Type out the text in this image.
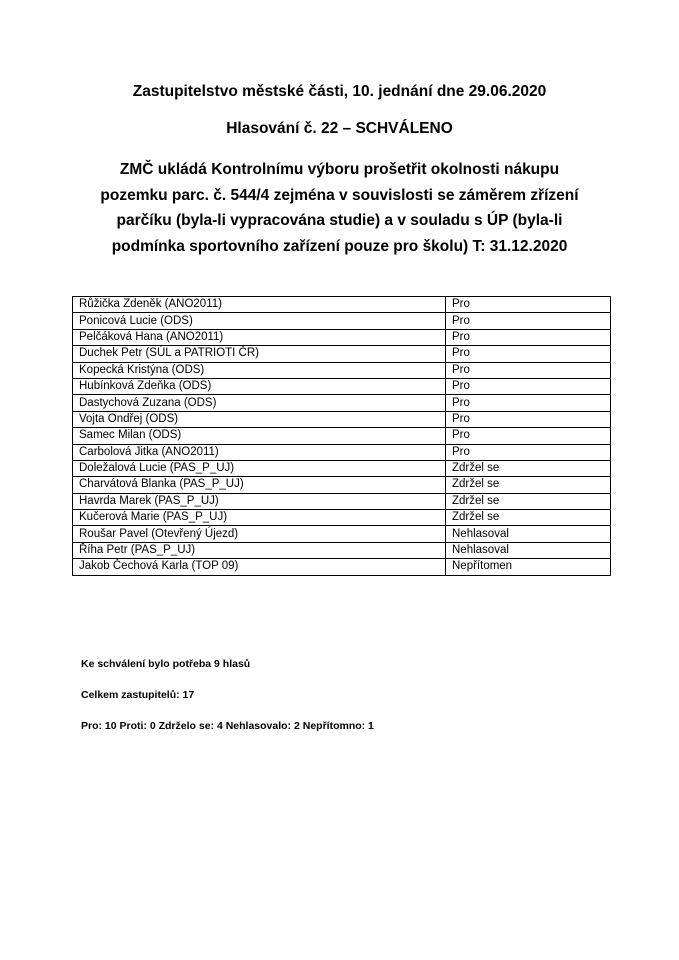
Zastupitelstvo městské části, 10. jednání dne 29.06.2020
Hlasování č. 22 – SCHVÁLENO
ZMČ ukládá Kontrolnímu výboru prošetřit okolnosti nákupu
pozemku parc. č. 544/4 zejména v souvislosti se záměrem zřízení
parčíku (byla-li vypracována studie) a v souladu s ÚP (byla-li
podmínka sportovního zařízení pouze pro školu) T: 31.12.2020
Růžička Zdeněk (ANO2011)	Pro
Ponicová Lucie (ODS)	Pro
Pelčáková Hana (ANO2011)	Pro
Duchek Petr (SÚL a PATRIOTI ČR)	Pro
Kopecká Kristýna (ODS)	Pro
Hubínková Zdeňka (ODS)	Pro
Dastychová Zuzana (ODS)	Pro
Vojta Ondřej (ODS)	Pro
Samec Milan (ODS)	Pro
Carbolová Jitka (ANO2011)	Pro
Doležalová Lucie (PAS_P_UJ)	Zdržel se
Charvátová Blanka (PAS_P_UJ)	Zdržel se
Havrda Marek (PAS_P_UJ)	Zdržel se
Kučerová Marie (PAS_P_UJ)	Zdržel se
Roušar Pavel (Otevřený Újezd)	Nehlasoval
Říha Petr (PAS_P_UJ)	Nehlasoval
Jakob Čechová Karla (TOP 09)	Nepřítomen

Ke schválení bylo potřeba 9 hlasů

Celkem zastupitelů: 17

Pro: 10 Proti: 0 Zdrželo se: 4 Nehlasovalo: 2 Nepřítomno: 1
